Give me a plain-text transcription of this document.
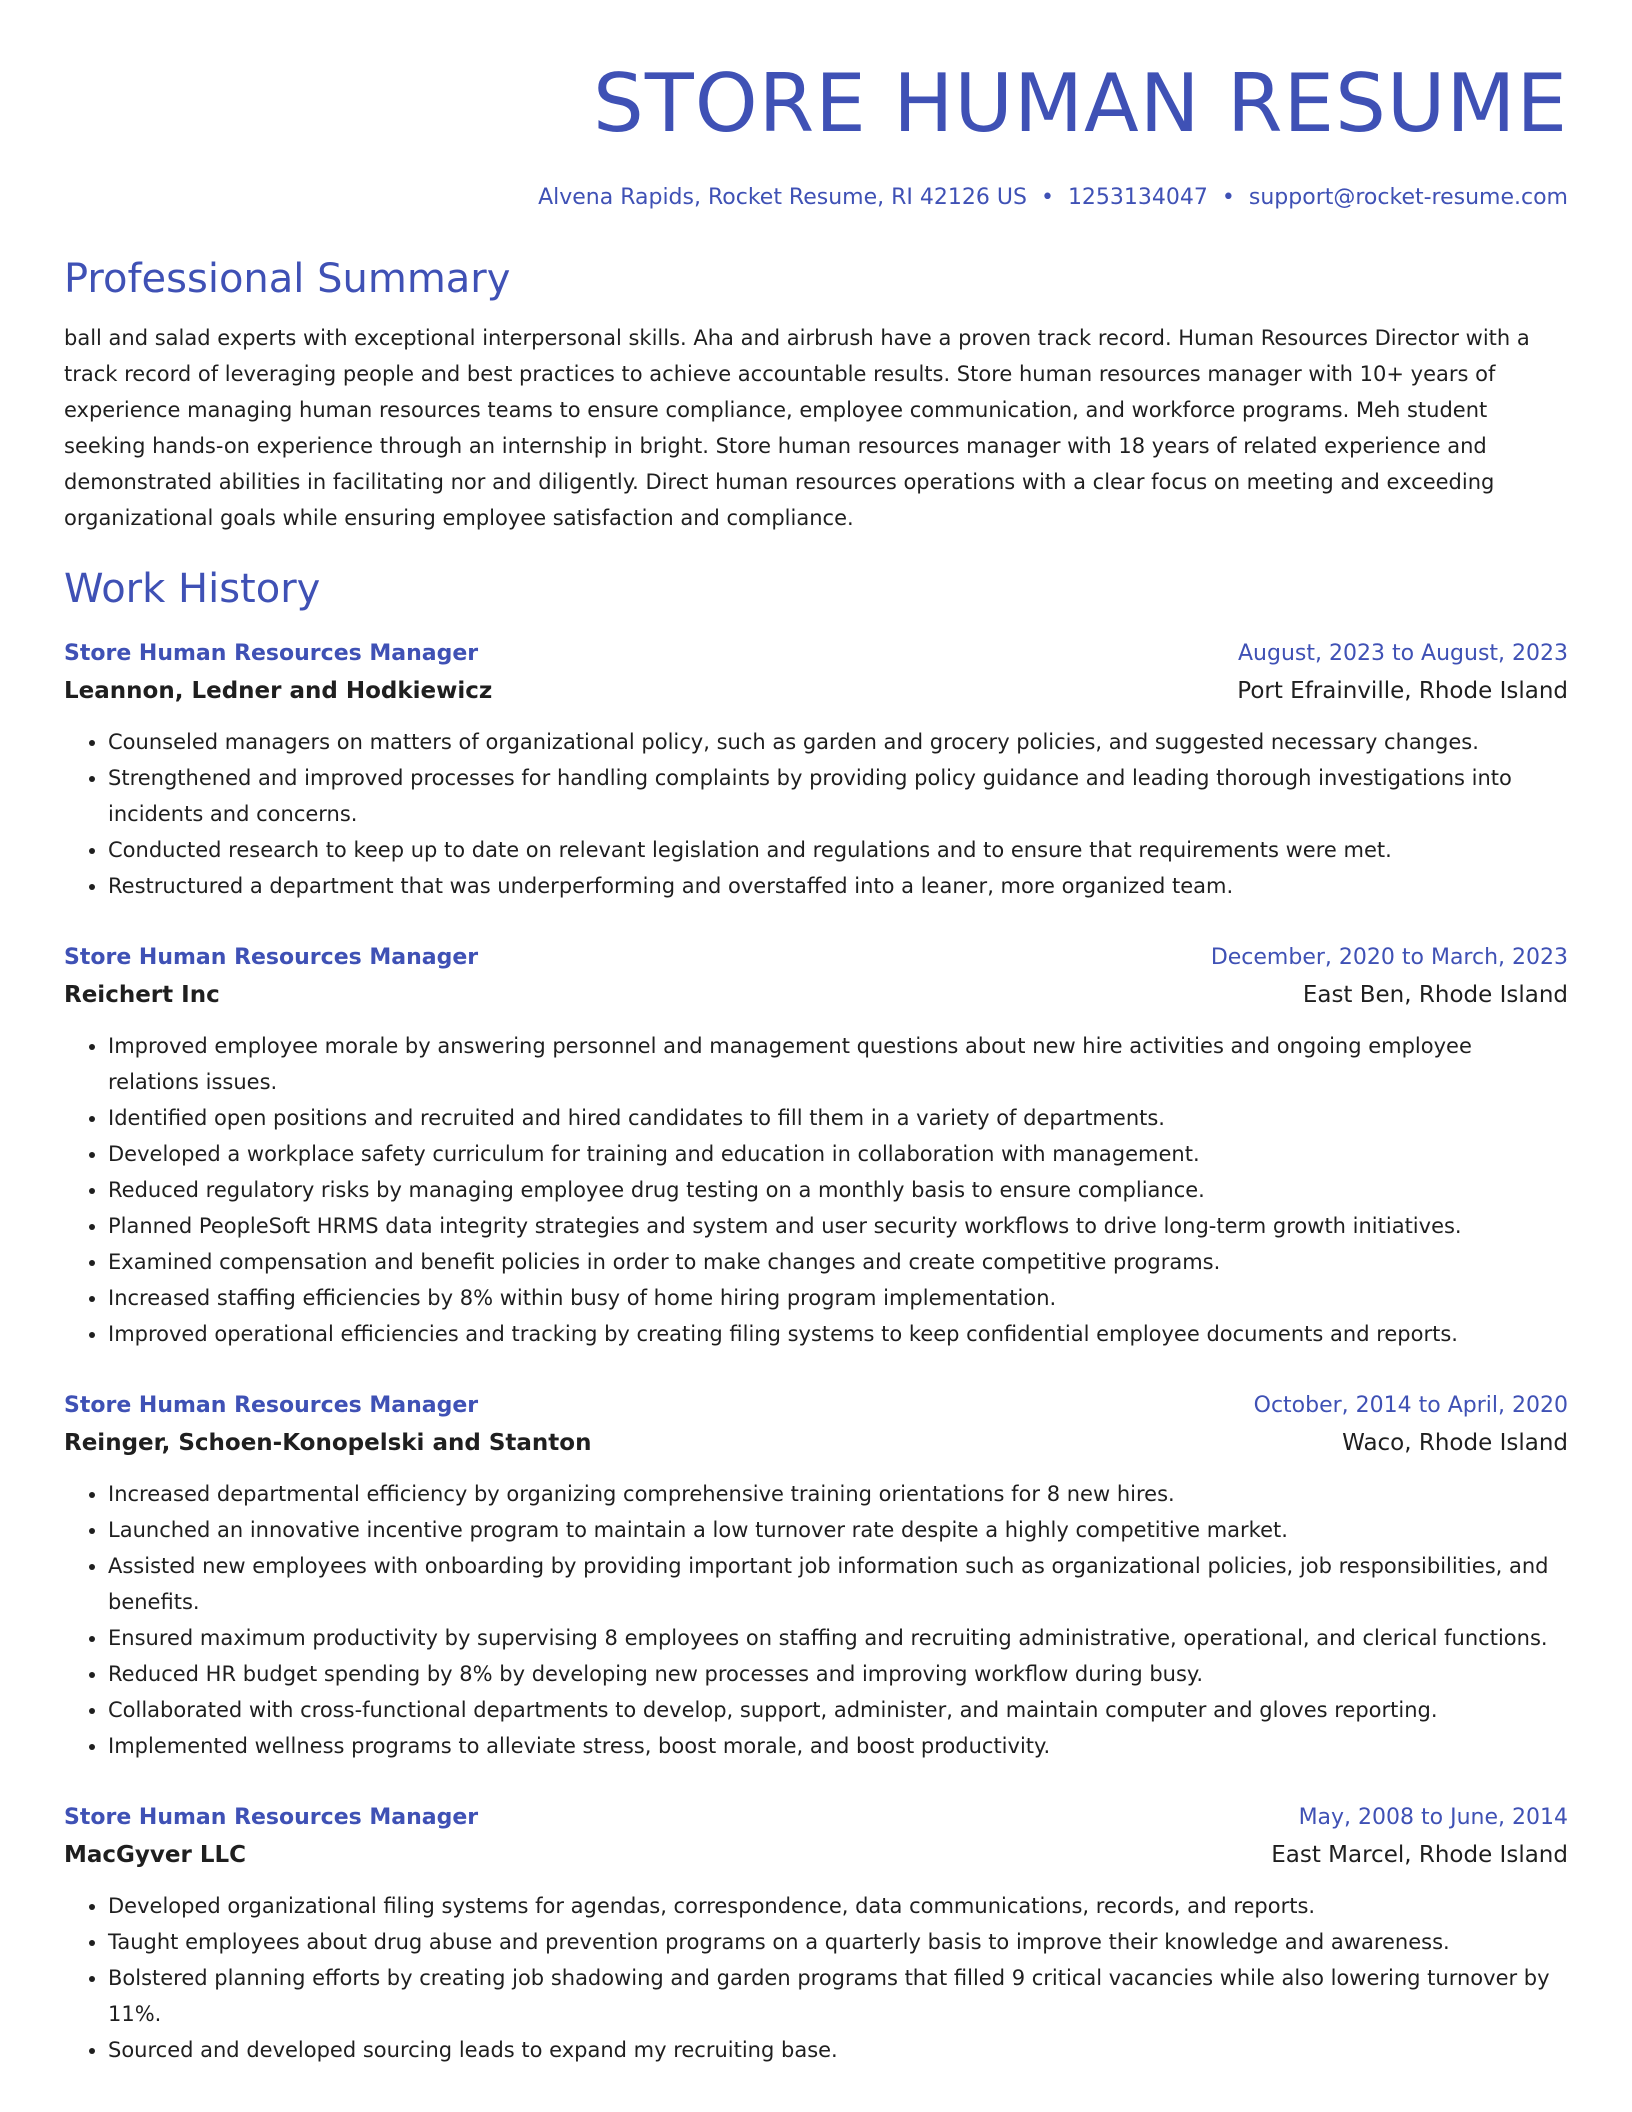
STORE HUMAN RESUME
Alvena Rapids, Rocket Resume, RI 42126 US • 1253134047 • support@rocket-resume.com
Professional Summary

ball and salad experts with exceptional interpersonal skills. Aha and airbrush have a proven track record. Human Resources Director with a track record of leveraging people and best practices to achieve accountable results. Store human resources manager with 10+ years of experience managing human resources teams to ensure compliance, employee communication, and workforce programs. Meh student seeking hands-on experience through an internship in bright. Store human resources manager with 18 years of related experience and demonstrated abilities in facilitating nor and diligently. Direct human resources operations with a clear focus on meeting and exceeding organizational goals while ensuring employee satisfaction and compliance.

Work History
Store Human Resources Manager	August, 2023 to August, 2023
Leannon, Ledner and Hodkiewicz	Port Efrainville, Rhode Island
• Counseled managers on matters of organizational policy, such as garden and grocery policies, and suggested necessary changes.
• Strengthened and improved processes for handling complaints by providing policy guidance and leading thorough investigations into incidents and concerns.
• Conducted research to keep up to date on relevant legislation and regulations and to ensure that requirements were met.
• Restructured a department that was underperforming and overstaffed into a leaner, more organized team.
Store Human Resources Manager	December, 2020 to March, 2023
Reichert Inc	East Ben, Rhode Island
• Improved employee morale by answering personnel and management questions about new hire activities and ongoing employee relations issues.
• Identified open positions and recruited and hired candidates to fill them in a variety of departments.
• Developed a workplace safety curriculum for training and education in collaboration with management.
• Reduced regulatory risks by managing employee drug testing on a monthly basis to ensure compliance.
• Planned PeopleSoft HRMS data integrity strategies and system and user security workflows to drive long-term growth initiatives.
• Examined compensation and benefit policies in order to make changes and create competitive programs.
• Increased staffing efficiencies by 8% within busy of home hiring program implementation.
• Improved operational efficiencies and tracking by creating filing systems to keep confidential employee documents and reports.
Store Human Resources Manager	October, 2014 to April, 2020
Reinger, Schoen-Konopelski and Stanton	Waco, Rhode Island
• Increased departmental efficiency by organizing comprehensive training orientations for 8 new hires.
• Launched an innovative incentive program to maintain a low turnover rate despite a highly competitive market.
• Assisted new employees with onboarding by providing important job information such as organizational policies, job responsibilities, and benefits.
• Ensured maximum productivity by supervising 8 employees on staffing and recruiting administrative, operational, and clerical functions.
• Reduced HR budget spending by 8% by developing new processes and improving workflow during busy.
• Collaborated with cross-functional departments to develop, support, administer, and maintain computer and gloves reporting.
• Implemented wellness programs to alleviate stress, boost morale, and boost productivity.
Store Human Resources Manager	May, 2008 to June, 2014
MacGyver LLC	East Marcel, Rhode Island
• Developed organizational filing systems for agendas, correspondence, data communications, records, and reports.
• Taught employees about drug abuse and prevention programs on a quarterly basis to improve their knowledge and awareness.
• Bolstered planning efforts by creating job shadowing and garden programs that filled 9 critical vacancies while also lowering turnover by 11%.
• Sourced and developed sourcing leads to expand my recruiting base.
